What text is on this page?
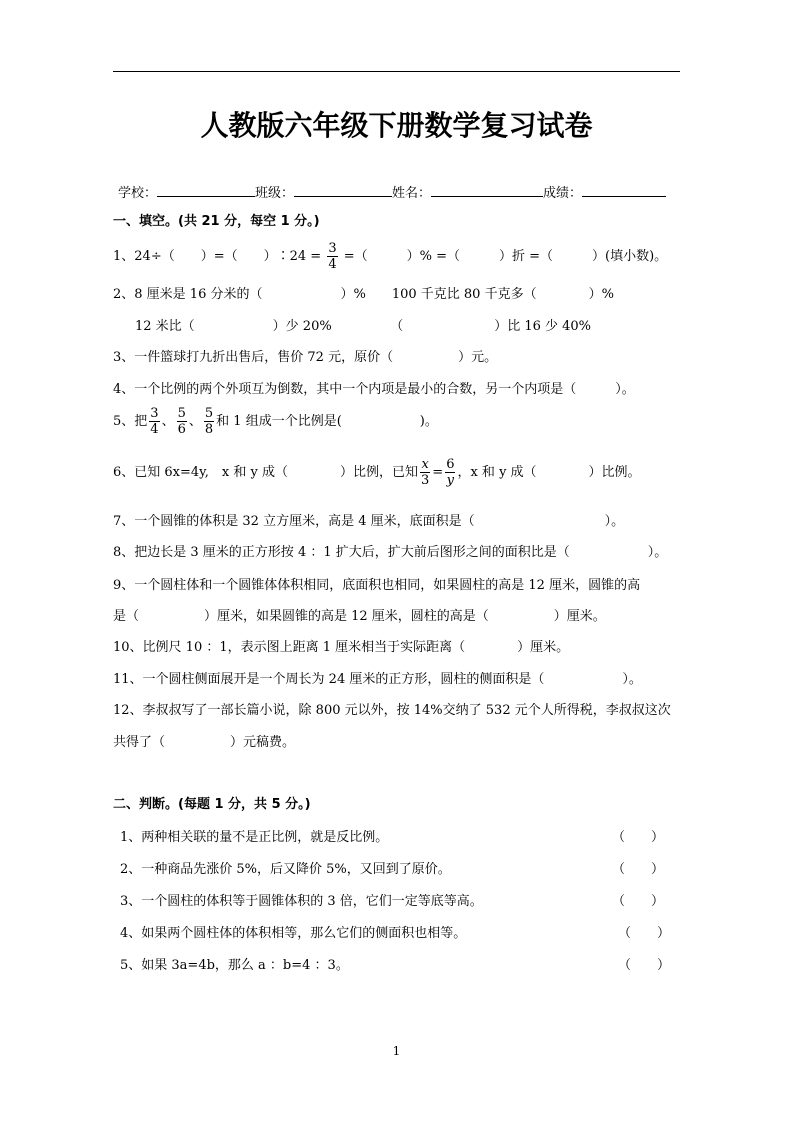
人教版六年级下册数学复习试卷
学校：	班级：	姓名：	成绩：
一、填空。(共 21 分，每空 1 分。)
1、24÷（　　）=（　　）∶24 = $\frac{3}{4}$ =（　　　）% =（　　　）折 =（　　　）(填小数)。
2、8 厘米是 16 分米的（　　　　　　）%　　100 千克比 80 千克多（　　　　）%
12 米比（　　　　　　）少 20%　　　　　（　　　　　　　）比 16 少 40%
3、一件篮球打九折出售后，售价 72 元，原价（　　　　　）元。
4、一个比例的两个外项互为倒数，其中一个内项是最小的合数，另一个内项是（　　　）。
5、把 $\frac{3}{4}$ 、 $\frac{5}{6}$ 、 $\frac{5}{8}$ 和 1 组成一个比例是(　　　　　　)。
6、已知 6x=4y,　x 和 y 成（　　　　）比例，已知 $\frac{x}{3} = \frac{6}{y}$ ，x 和 y 成（　　　　）比例。
7、一个圆锥的体积是 32 立方厘米，高是 4 厘米，底面积是（　　　　　　　　　　）。
8、把边长是 3 厘米的正方形按 4 ：1 扩大后，扩大前后图形之间的面积比是（　　　　　　）。
9、一个圆柱体和一个圆锥体体积相同，底面积也相同，如果圆柱的高是 12 厘米，圆锥的高
是（　　　　　）厘米，如果圆锥的高是 12 厘米，圆柱的高是（　　　　　）厘米。
10、比例尺 10 ：1，表示图上距离 1 厘米相当于实际距离（　　　　）厘米。
11、一个圆柱侧面展开是一个周长为 24 厘米的正方形，圆柱的侧面积是（　　　　　　）。
12、李叔叔写了一部长篇小说，除 800 元以外，按 14%交纳了 532 元个人所得税，李叔叔这次
共得了（　　　　　）元稿费。
二、判断。(每题 1 分，共 5 分。)
1、两种相关联的量不是正比例，就是反比例。	（　　）
2、一种商品先涨价 5%，后又降价 5%，又回到了原价。	（　　）
3、一个圆柱的体积等于圆锥体积的 3 倍，它们一定等底等高。	（　　）
4、如果两个圆柱体的体积相等，那么它们的侧面积也相等。	（　　）
5、如果 3a=4b，那么 a ：b=4 ：3。	（　　）
1
